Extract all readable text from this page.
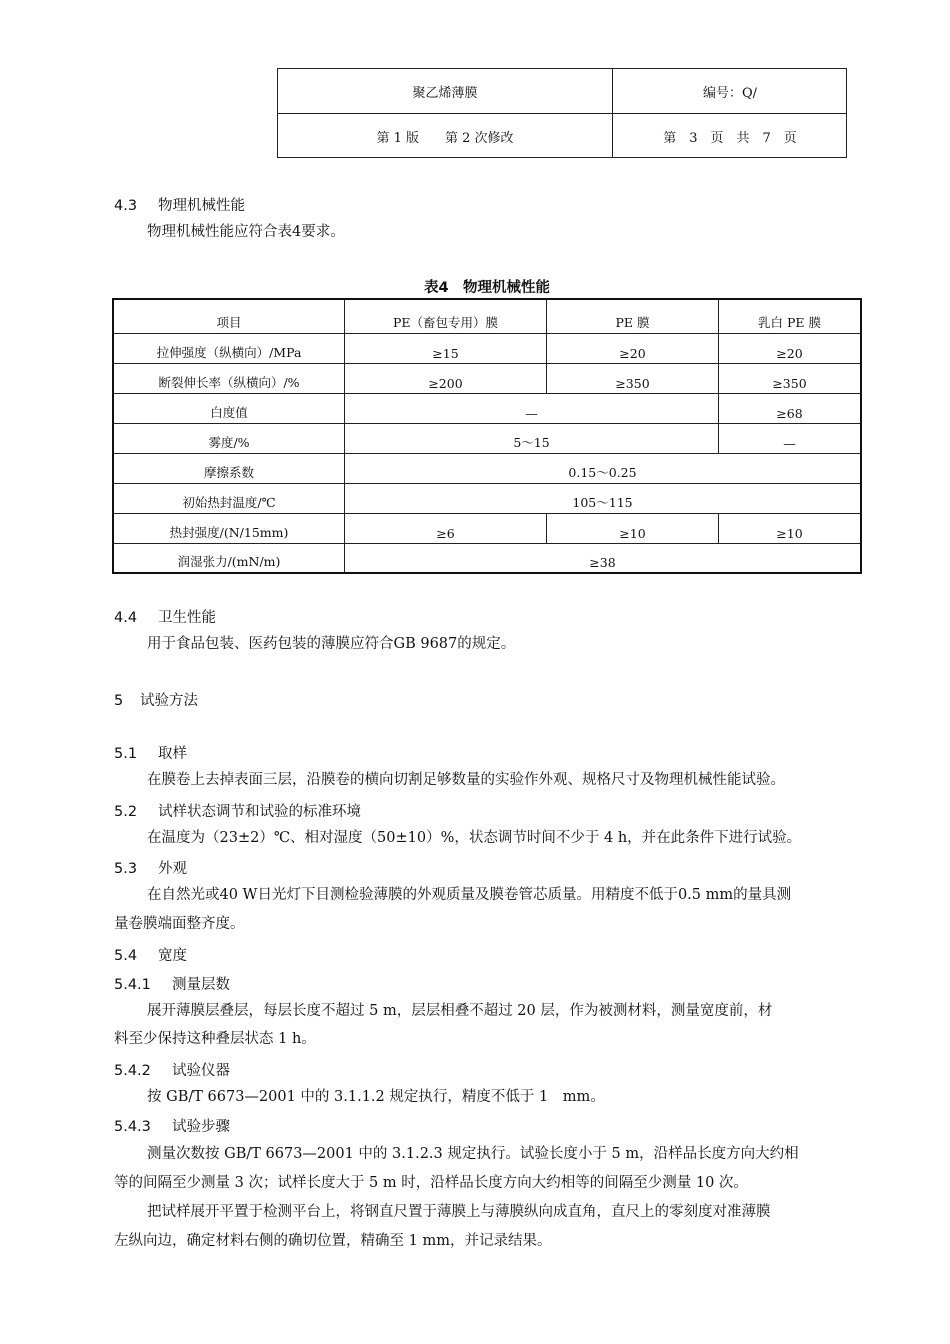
聚乙烯薄膜	编号：Q/
第 1 版　　第 2 次修改	第　3　页　共　7　页
4.3 物理机械性能
物理机械性能应符合表4要求。
表4　物理机械性能
项目	PE（畜包专用）膜	PE 膜	乳白 PE 膜
拉伸强度（纵横向）/MPa	≥15	≥20	≥20
断裂伸长率（纵横向）/%	≥200	≥350	≥350
白度值	—	≥68
雾度/%	5～15	—
摩擦系数	0.15～0.25
初始热封温度/℃	105～115
热封强度/(N/15mm)	≥6	≥10	≥10
润湿张力/(mN/m)	≥38
4.4 卫生性能
用于食品包装、医药包装的薄膜应符合GB 9687的规定。
5 试验方法
5.1 取样
在膜卷上去掉表面三层，沿膜卷的横向切割足够数量的实验作外观、规格尺寸及物理机械性能试验。
5.2 试样状态调节和试验的标准环境
在温度为（23±2）℃、相对湿度（50±10）%，状态调节时间不少于 4 h，并在此条件下进行试验。
5.3 外观
在自然光或40 W日光灯下目测检验薄膜的外观质量及膜卷管芯质量。用精度不低于0.5 mm的量具测
量卷膜端面整齐度。
5.4 宽度
5.4.1 测量层数
展开薄膜层叠层，每层长度不超过 5 m，层层相叠不超过 20 层，作为被测材料，测量宽度前，材
料至少保持这种叠层状态 1 h。
5.4.2 试验仪器
按 GB/T 6673—2001 中的 3.1.1.2 规定执行，精度不低于 1　mm。
5.4.3 试验步骤
测量次数按 GB/T 6673—2001 中的 3.1.2.3 规定执行。试验长度小于 5 m，沿样品长度方向大约相
等的间隔至少测量 3 次；试样长度大于 5 m 时，沿样品长度方向大约相等的间隔至少测量 10 次。
把试样展开平置于检测平台上，将钢直尺置于薄膜上与薄膜纵向成直角，直尺上的零刻度对准薄膜
左纵向边，确定材料右侧的确切位置，精确至 1 mm，并记录结果。
